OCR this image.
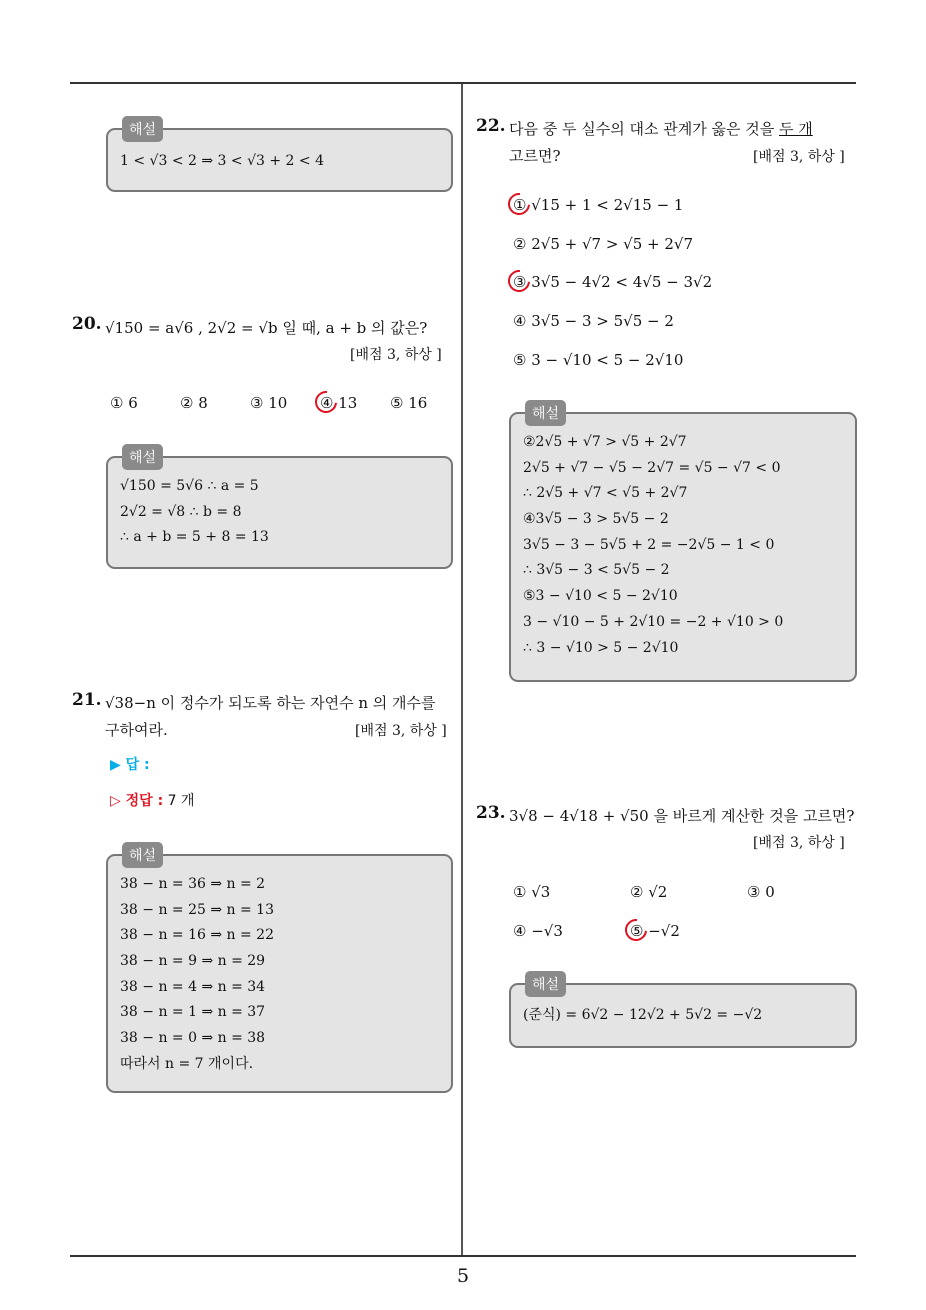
5
해설
1 < √3 < 2 ⇒ 3 < √3 + 2 < 4
20. √150 = a√6 , 2√2 = √b 일 때, a + b 의 값은?
[배점 3, 하상 ]
① 6	② 8	③ 10 ④ 13 ⑤ 16
해설
√150 = 5√6 ∴ a = 5
2√2 = √8 ∴ b = 8
∴ a + b = 5 + 8 = 13
21. √38−n 이 정수가 되도록 하는 자연수 n 의 개수를
구하여라.	[배점 3, 하상 ]
▶ 답 :
▷ 정답 : 7 개
해설
38 − n = 36 ⇒ n = 2
38 − n = 25 ⇒ n = 13
38 − n = 16 ⇒ n = 22
38 − n = 9 ⇒ n = 29
38 − n = 4 ⇒ n = 34
38 − n = 1 ⇒ n = 37
38 − n = 0 ⇒ n = 38
따라서 n = 7 개이다.
22. 다음 중 두 실수의 대소 관계가 옳은 것을 두 개
고르면?	[배점 3, 하상 ]
① √15 + 1 < 2√15 − 1
② 2√5 + √7 > √5 + 2√7
③ 3√5 − 4√2 < 4√5 − 3√2
④ 3√5 − 3 > 5√5 − 2
⑤ 3 − √10 < 5 − 2√10
해설
②2√5 + √7 > √5 + 2√7
2√5 + √7 − √5 − 2√7 = √5 − √7 < 0
∴ 2√5 + √7 < √5 + 2√7
④3√5 − 3 > 5√5 − 2
3√5 − 3 − 5√5 + 2 = −2√5 − 1 < 0
∴ 3√5 − 3 < 5√5 − 2
⑤3 − √10 < 5 − 2√10
3 − √10 − 5 + 2√10 = −2 + √10 > 0
∴ 3 − √10 > 5 − 2√10
23. 3√8 − 4√18 + √50 을 바르게 계산한 것을 고르면?
[배점 3, 하상 ]
① √3	② √2	③ 0
④ −√3	⑤ −√2
해설
(준식) = 6√2 − 12√2 + 5√2 = −√2
